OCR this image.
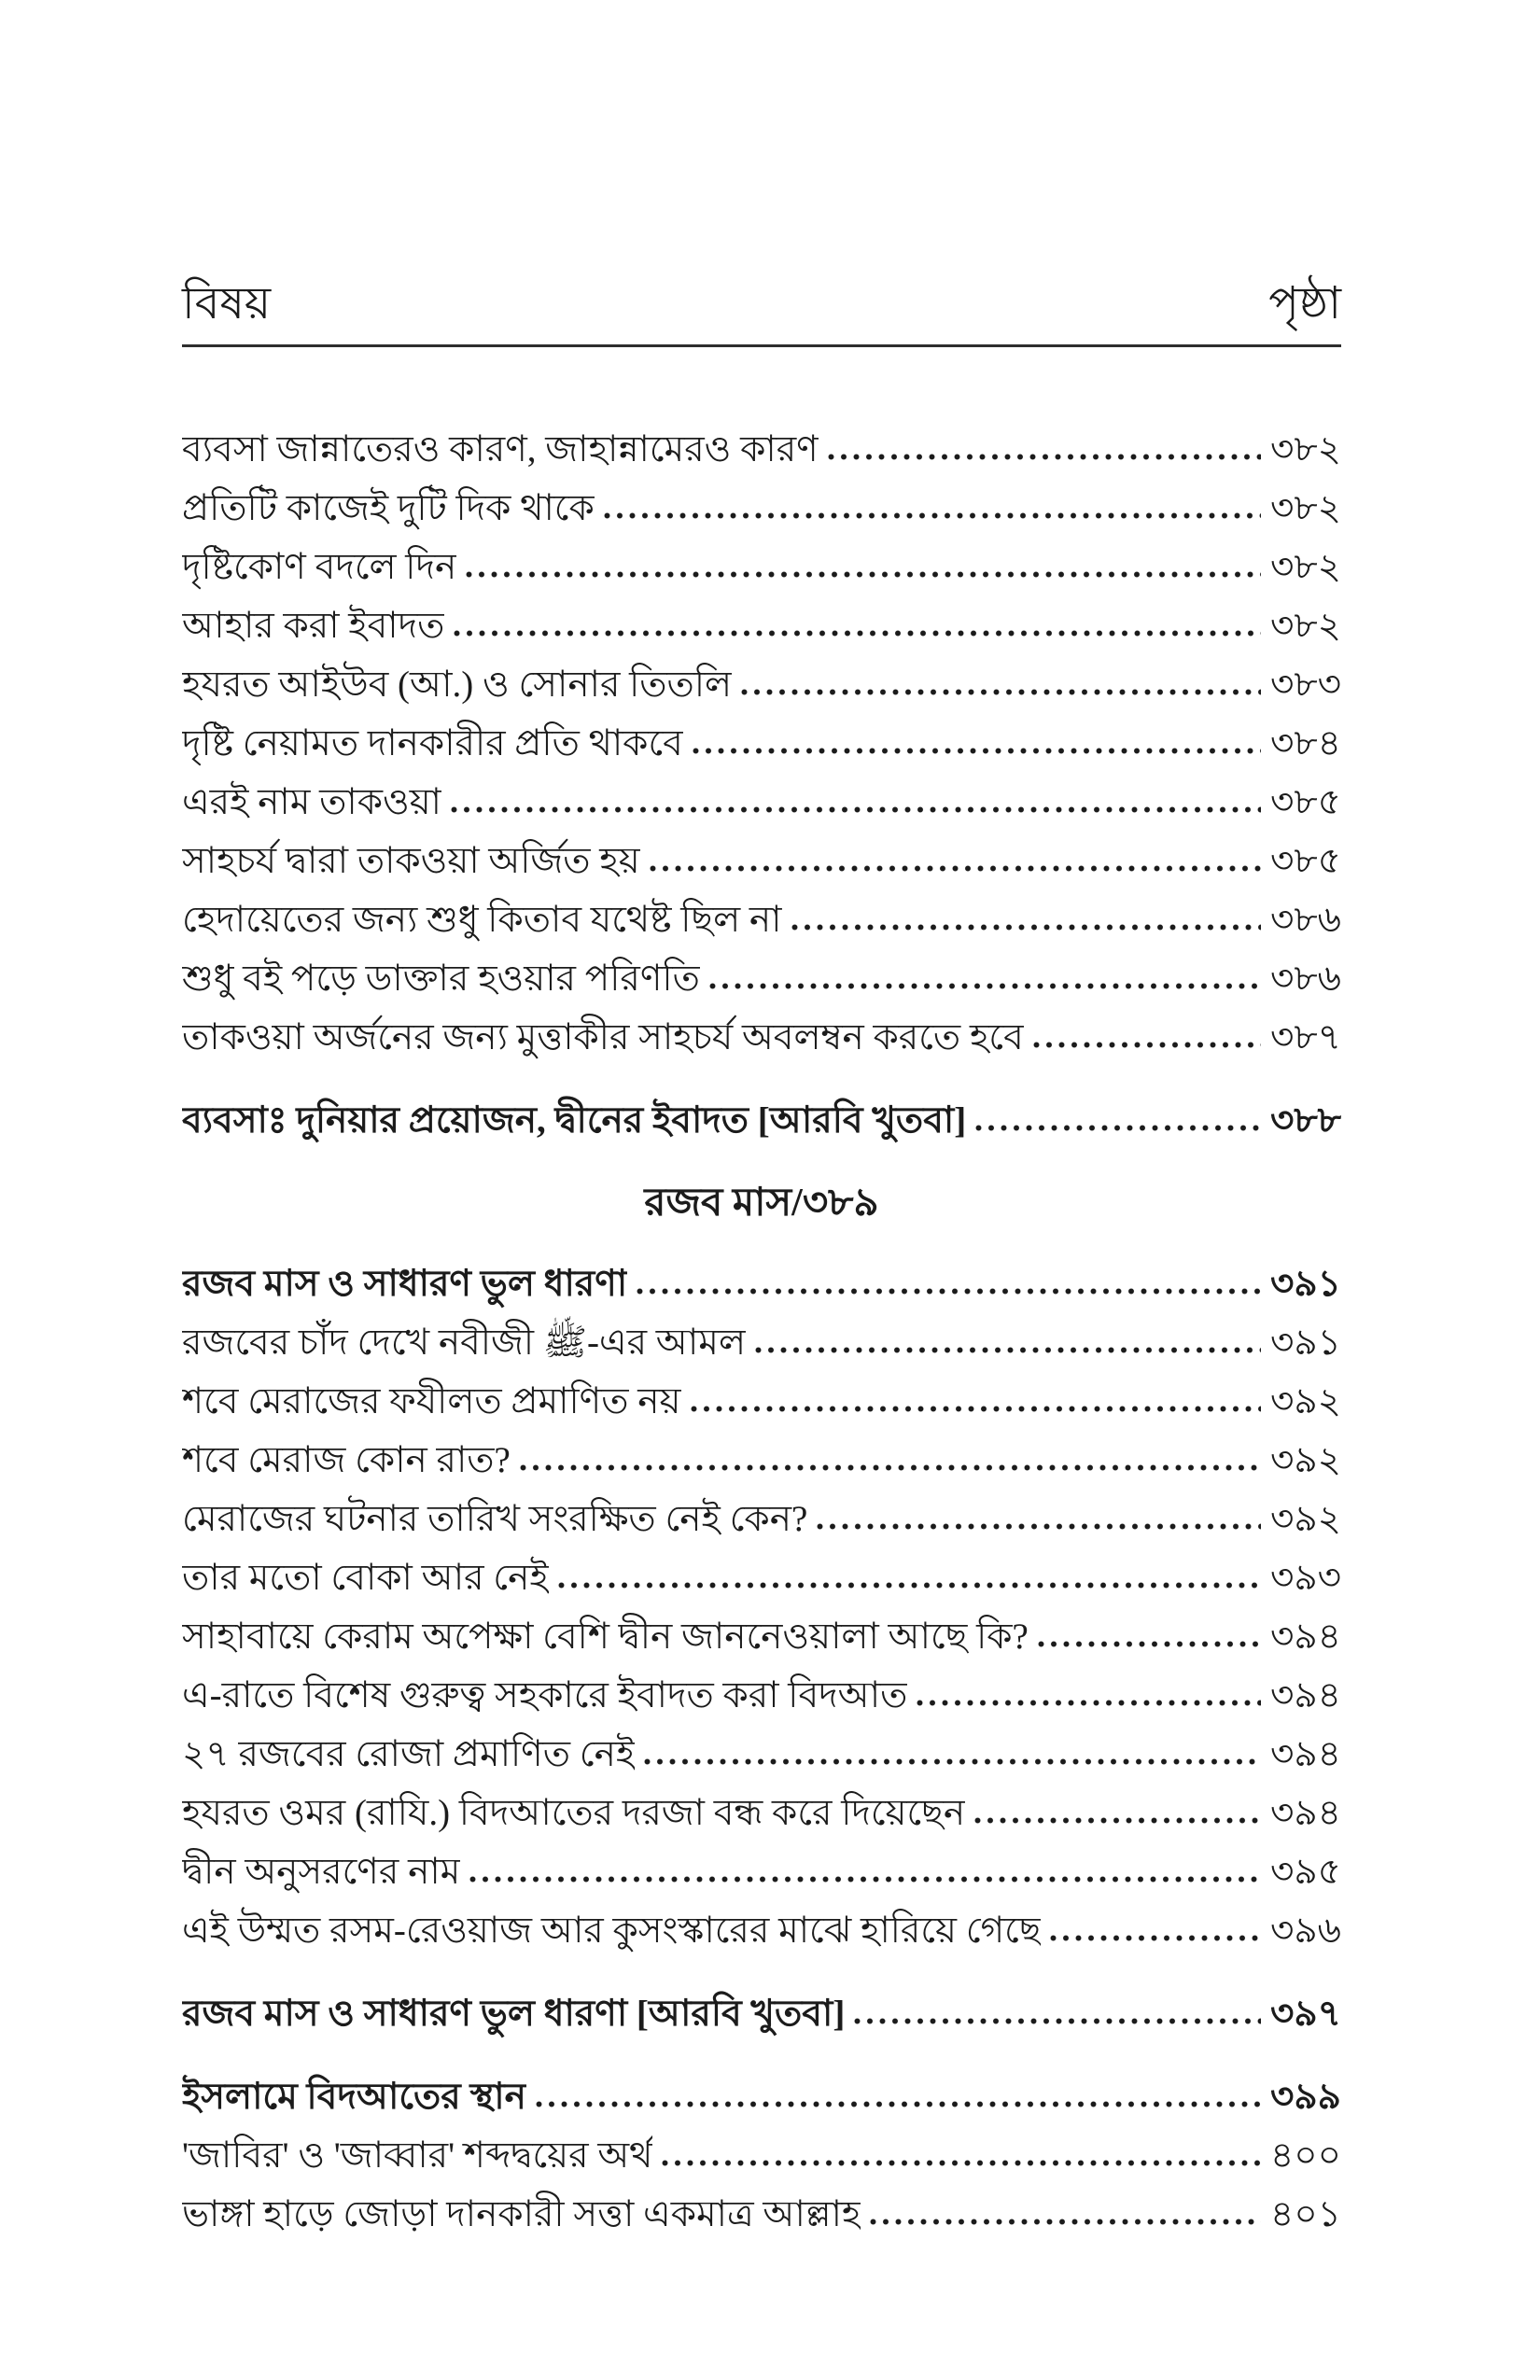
বিষয়	পৃষ্ঠা
ব্যবসা জান্নাতেরও কারণ, জাহান্নামেরও কারণ	৩৮২
প্রতিটি কাজেই দুটি দিক থাকে	৩৮২
দৃষ্টিকোণ বদলে দিন	৩৮২
আহার করা ইবাদত	৩৮২
হযরত আইউব (আ.) ও সোনার তিতলি	৩৮৩
দৃষ্টি নেয়ামত দানকারীর প্রতি থাকবে	৩৮৪
এরই নাম তাকওয়া	৩৮৫
সাহচর্য দ্বারা তাকওয়া অর্জিত হয়	৩৮৫
হেদায়েতের জন্য শুধু কিতাব যথেষ্ট ছিল না	৩৮৬
শুধু বই পড়ে ডাক্তার হওয়ার পরিণতি	৩৮৬
তাকওয়া অর্জনের জন্য মুত্তাকীর সাহচর্য অবলম্বন করতে হবে	৩৮৭
ব্যবসাঃ দুনিয়ার প্রয়োজন, দ্বীনের ইবাদত [আরবি খুতবা]	৩৮৮
রজব মাস/৩৮৯
রজব মাস ও সাধারণ ভুল ধারণা	৩৯১
রজবের চাঁদ দেখে নবীজী ﷺ-এর আমল	৩৯১
শবে মেরাজের ফযীলত প্রমাণিত নয়	৩৯২
শবে মেরাজ কোন রাত?	৩৯২
মেরাজের ঘটনার তারিখ সংরক্ষিত নেই কেন?	৩৯২
তার মতো বোকা আর নেই	৩৯৩
সাহাবায়ে কেরাম অপেক্ষা বেশি দ্বীন জাননেওয়ালা আছে কি?	৩৯৪
এ-রাতে বিশেষ গুরুত্ব সহকারে ইবাদত করা বিদআত	৩৯৪
২৭ রজবের রোজা প্রমাণিত নেই	৩৯৪
হযরত ওমর (রাযি.) বিদআতের দরজা বন্ধ করে দিয়েছেন	৩৯৪
দ্বীন অনুসরণের নাম	৩৯৫
এই উম্মত রসম-রেওয়াজ আর কুসংস্কারের মাঝে হারিয়ে গেছে	৩৯৬
রজব মাস ও সাধারণ ভুল ধারণা [আরবি খুতবা]	৩৯৭
ইসলামে বিদআতের স্থান	৩৯৯
'জাবির' ও 'জাব্বার' শব্দদ্বয়ের অর্থ	৪০০
ভাঙ্গা হাড়ে জোড়া দানকারী সত্তা একমাত্র আল্লাহ	৪০১
